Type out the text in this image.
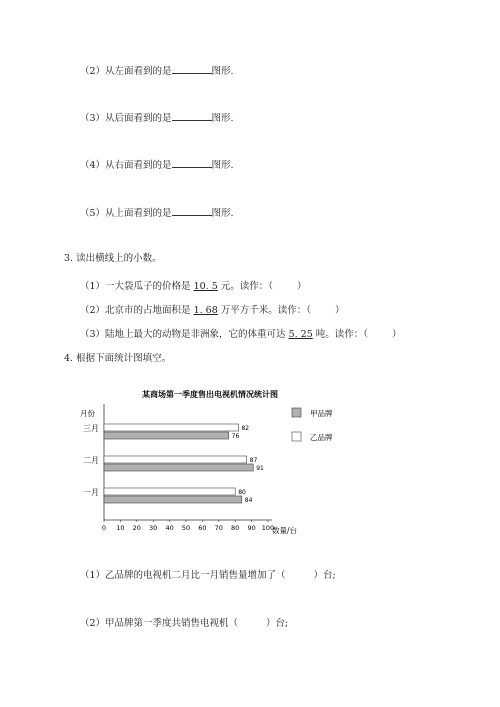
（2）从左面看到的是	图形.
（3）从后面看到的是	图形.
（4）从右面看到的是	图形.
（5）从上面看到的是	图形.
3. 读出横线上的小数。
（1）一大袋瓜子的价格是 10. 5 元。读作：（	）
（2）北京市的占地面积是 1. 68 万平方千米。读作：（	）
（3）陆地上最大的动物是非洲象，它的体重可达 5. 25 吨。读作：（	）
4. 根据下面统计图填空。
某商场第一季度售出电视机情况统计图
月份
数量/台
0 10 20 30 40 50 60 70 80 90 100
三月	82
76
二月	87
91
一月	80
84
甲品牌
乙品牌
（1）乙品牌的电视机二月比一月销售量增加了（	）台;
（2）甲品牌第一季度共销售电视机（	）台;
